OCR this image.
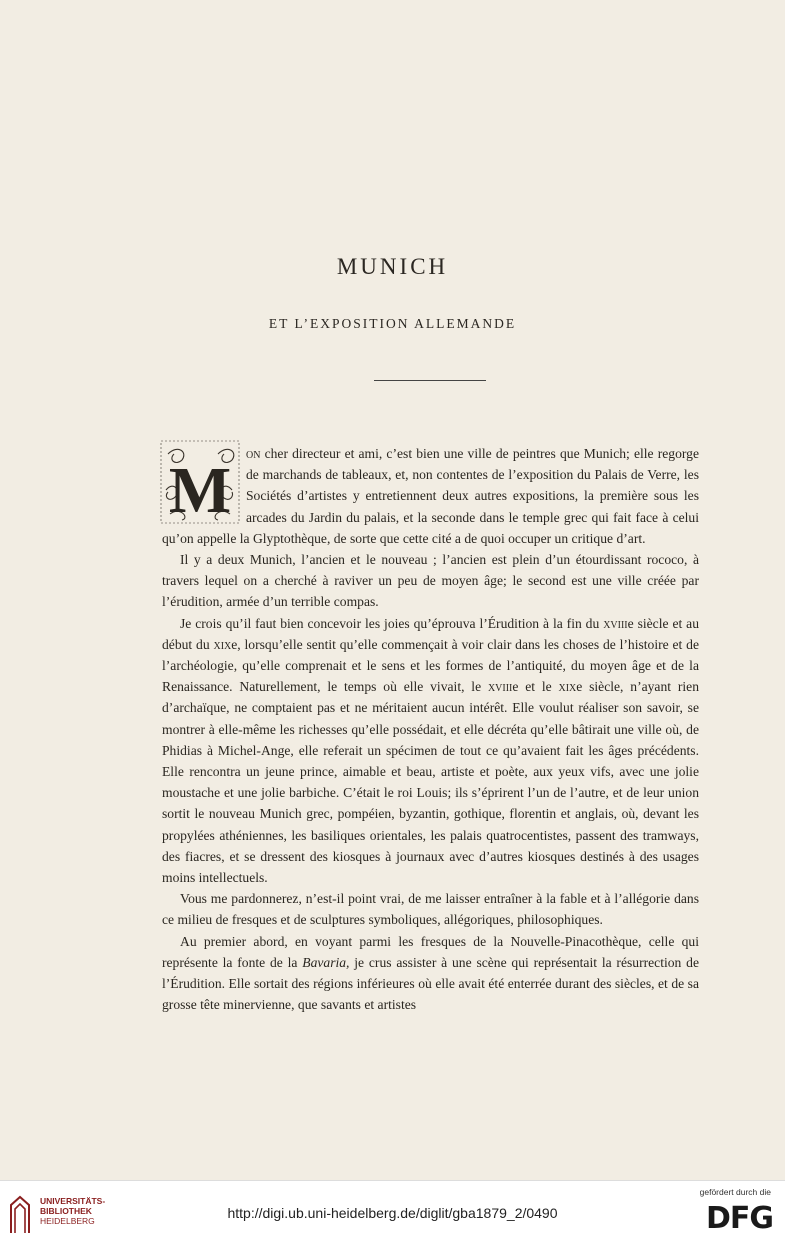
MUNICH
ET L’EXPOSITION ALLEMANDE
M

on cher directeur et ami, c’est bien une ville de peintres que Munich; elle regorge de marchands de tableaux, et, non contentes de l’exposition du Palais de Verre, les Sociétés d’artistes y entretiennent deux autres expositions, la première sous les arcades du Jardin du palais, et la seconde dans le temple grec qui fait face à celui qu’on appelle la Glyptothèque, de sorte que cette cité a de quoi occuper un critique d’art.

Il y a deux Munich, l’ancien et le nouveau ; l’ancien est plein d’un étourdissant rococo, à travers lequel on a cherché à raviver un peu de moyen âge; le second est une ville créée par l’érudition, armée d’un terrible compas.

Je crois qu’il faut bien concevoir les joies qu’éprouva l’Érudition à la fin du xviiie siècle et au début du xixe, lorsqu’elle sentit qu’elle commençait à voir clair dans les choses de l’histoire et de l’archéologie, qu’elle comprenait et le sens et les formes de l’antiquité, du moyen âge et de la Renaissance. Naturellement, le temps où elle vivait, le xviiie et le xixe siècle, n’ayant rien d’archaïque, ne comptaient pas et ne méritaient aucun intérêt. Elle voulut réaliser son savoir, se montrer à elle-même les richesses qu’elle possédait, et elle décréta qu’elle bâtirait une ville où, de Phidias à Michel-Ange, elle referait un spécimen de tout ce qu’avaient fait les âges précédents. Elle rencontra un jeune prince, aimable et beau, artiste et poète, aux yeux vifs, avec une jolie moustache et une jolie barbiche. C’était le roi Louis; ils s’éprirent l’un de l’autre, et de leur union sortit le nouveau Munich grec, pompéien, byzantin, gothique, florentin et anglais, où, devant les propylées athéniennes, les basiliques orientales, les palais quatrocentistes, passent des tramways, des fiacres, et se dressent des kiosques à journaux avec d’autres kiosques destinés à des usages moins intellectuels.

Vous me pardonnerez, n’est-il point vrai, de me laisser entraîner à la fable et à l’allégorie dans ce milieu de fresques et de sculptures symboliques, allégoriques, philosophiques.

Au premier abord, en voyant parmi les fresques de la Nouvelle-Pinacothèque, celle qui représente la fonte de la Bavaria, je crus assister à une scène qui représentait la résurrection de l’Érudition. Elle sortait des régions inférieures où elle avait été enterrée durant des siècles, et de sa grosse tête minervienne, que savants et artistes

UNIVERSITÄTS-
BIBLIOTHEK
HEIDELBERG	http://digi.ub.uni-heidelberg.de/diglit/gba1879_2/0490
gefördert durch die
DFG
